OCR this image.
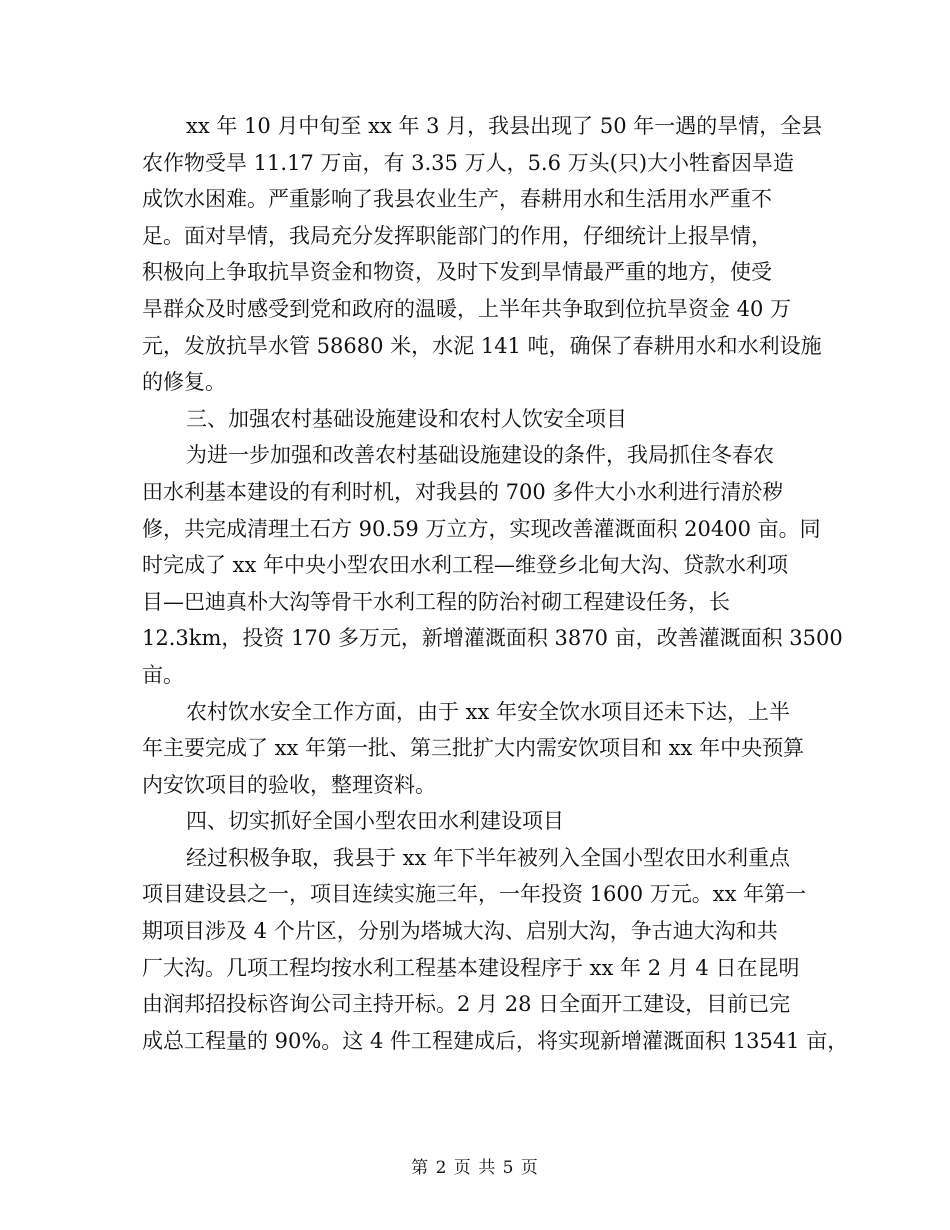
xx 年 10 月中旬至 xx 年 3 月，我县出现了 50 年一遇的旱情，全县
农作物受旱 11.17 万亩，有 3.35 万人，5.6 万头(只)大小牲畜因旱造
成饮水困难。严重影响了我县农业生产，春耕用水和生活用水严重不
足。面对旱情，我局充分发挥职能部门的作用，仔细统计上报旱情，
积极向上争取抗旱资金和物资，及时下发到旱情最严重的地方，使受
旱群众及时感受到党和政府的温暖，上半年共争取到位抗旱资金 40 万
元，发放抗旱水管 58680 米，水泥 141 吨，确保了春耕用水和水利设施
的修复。
三、加强农村基础设施建设和农村人饮安全项目
为进一步加强和改善农村基础设施建设的条件，我局抓住冬春农
田水利基本建设的有利时机，对我县的 700 多件大小水利进行清於秽
修，共完成清理土石方 90.59 万立方，实现改善灌溉面积 20400 亩。同
时完成了 xx 年中央小型农田水利工程—维登乡北甸大沟、贷款水利项
目—巴迪真朴大沟等骨干水利工程的防治衬砌工程建设任务，长
12.3km，投资 170 多万元，新增灌溉面积 3870 亩，改善灌溉面积 3500
亩。
农村饮水安全工作方面，由于 xx 年安全饮水项目还未下达，上半
年主要完成了 xx 年第一批、第三批扩大内需安饮项目和 xx 年中央预算
内安饮项目的验收，整理资料。
四、切实抓好全国小型农田水利建设项目
经过积极争取，我县于 xx 年下半年被列入全国小型农田水利重点
项目建设县之一，项目连续实施三年，一年投资 1600 万元。xx 年第一
期项目涉及 4 个片区，分别为塔城大沟、启别大沟，争古迪大沟和共
厂大沟。几项工程均按水利工程基本建设程序于 xx 年 2 月 4 日在昆明
由润邦招投标咨询公司主持开标。2 月 28 日全面开工建设，目前已完
成总工程量的 90%。这 4 件工程建成后，将实现新增灌溉面积 13541 亩，
第 2 页 共 5 页
